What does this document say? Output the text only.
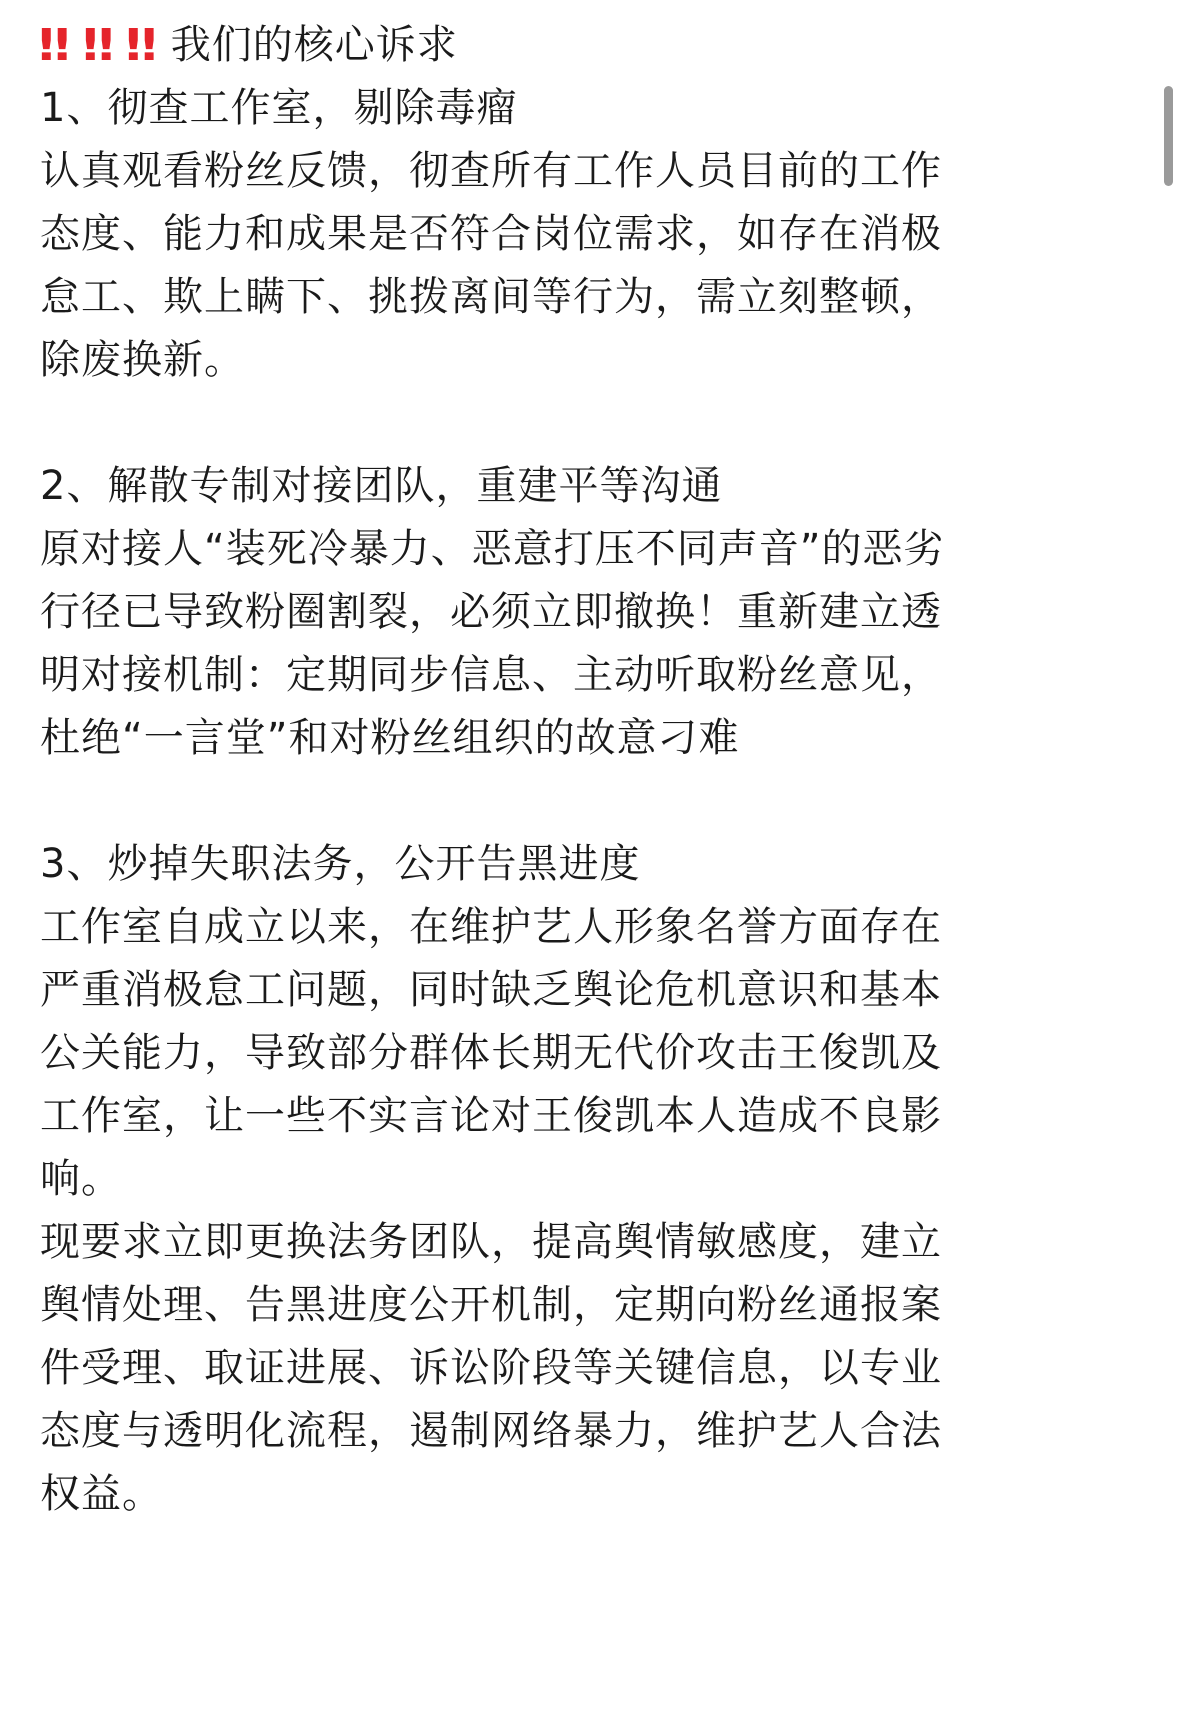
‼ ‼ ‼ 我们的核心诉求
1、彻查工作室，剔除毒瘤
认真观看粉丝反馈，彻查所有工作人员目前的工作
态度、能力和成果是否符合岗位需求，如存在消极
怠工、欺上瞒下、挑拨离间等行为，需立刻整顿，
除废换新。
2、解散专制对接团队，重建平等沟通
原对接人“装死冷暴力、恶意打压不同声音”的恶劣
行径已导致粉圈割裂，必须立即撤换！重新建立透
明对接机制：定期同步信息、主动听取粉丝意见，
杜绝“一言堂”和对粉丝组织的故意刁难
3、炒掉失职法务，公开告黑进度
工作室自成立以来，在维护艺人形象名誉方面存在
严重消极怠工问题，同时缺乏舆论危机意识和基本
公关能力，导致部分群体长期无代价攻击王俊凯及
工作室，让一些不实言论对王俊凯本人造成不良影
响。
现要求立即更换法务团队，提高舆情敏感度，建立
舆情处理、告黑进度公开机制，定期向粉丝通报案
件受理、取证进展、诉讼阶段等关键信息，以专业
态度与透明化流程，遏制网络暴力，维护艺人合法
权益。
